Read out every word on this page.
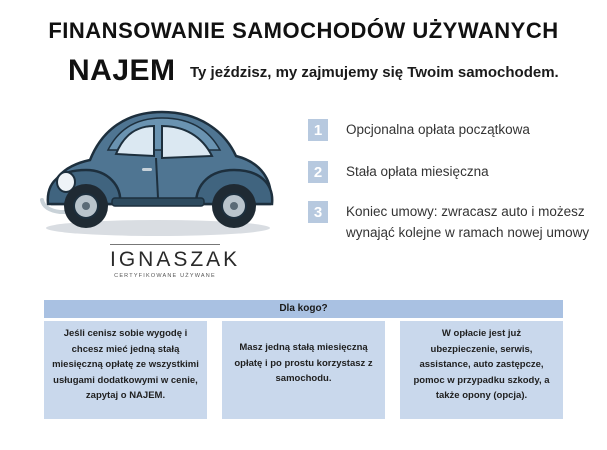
FINANSOWANIE SAMOCHODÓW UŻYWANYCH
NAJEM Ty jeździsz, my zajmujemy się Twoim samochodem.
IGNASZAK
CERTYFIKOWANE UŻYWANE
1	Opcjonalna opłata początkowa
2	Stała opłata miesięczna
3	Koniec umowy: zwracasz auto i możesz wynająć kolejne w ramach nowej umowy
Dla kogo?
Jeśli cenisz sobie wygodę i chcesz mieć jedną stałą miesięczną opłatę ze wszystkimi usługami dodatkowymi w cenie, zapytaj o NAJEM.
Masz jedną stałą miesięczną opłatę i po prostu korzystasz z samochodu.
W opłacie jest już ubezpieczenie, serwis, assistance, auto zastępcze, pomoc w przypadku szkody, a także opony (opcja).
